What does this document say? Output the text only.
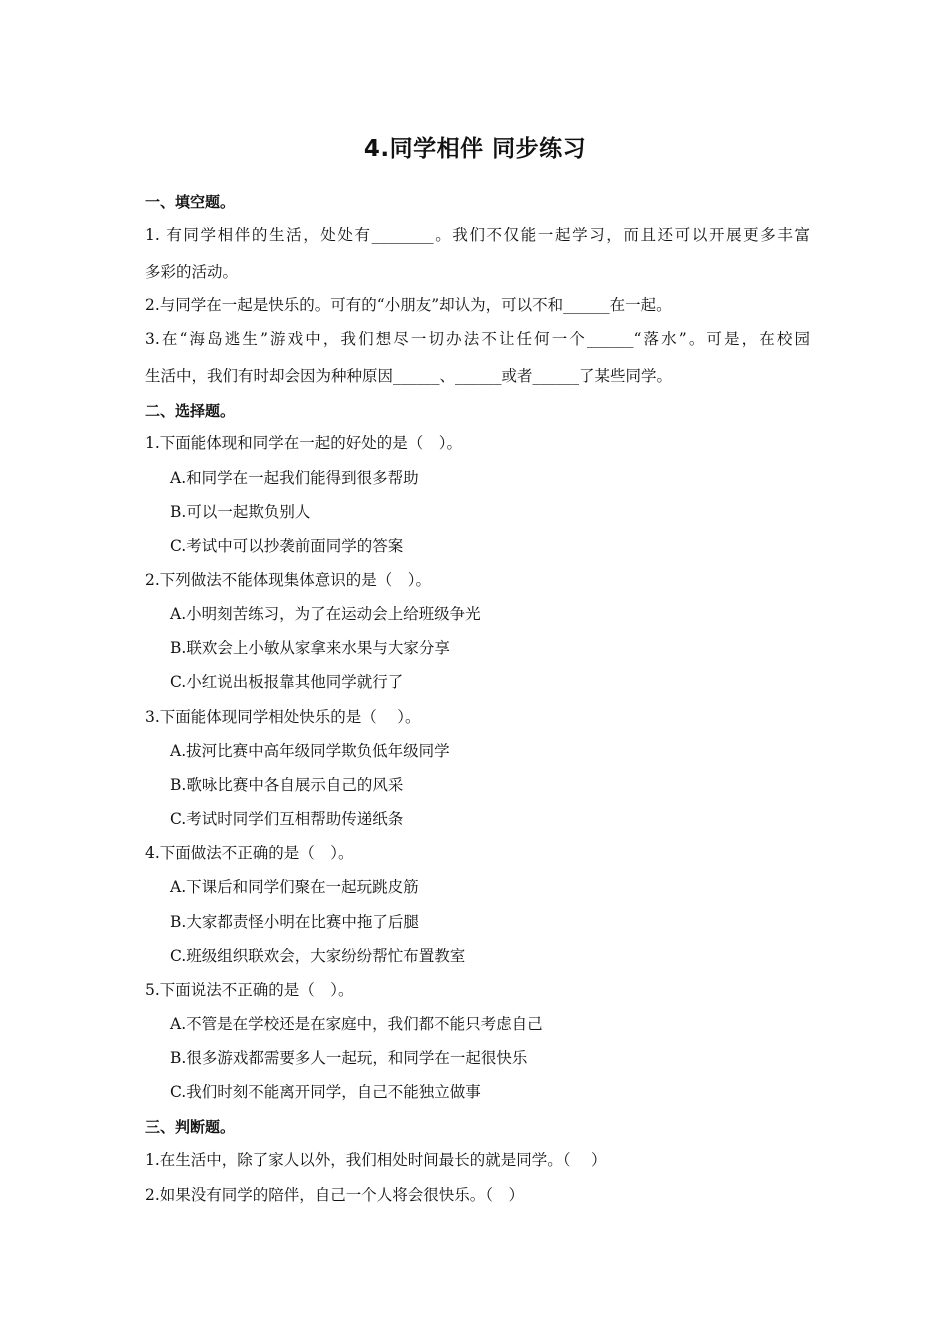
4.同学相伴 同步练习
一、填空题。
1. 有同学相伴的生活，处处有________。我们不仅能一起学习，而且还可以开展更多丰富
多彩的活动。
2.与同学在一起是快乐的。可有的“小朋友”却认为，可以不和______在一起。
3.在“海岛逃生”游戏中，我们想尽一切办法不让任何一个______“落水”。可是，在校园
生活中，我们有时却会因为种种原因______、______或者______了某些同学。
二、选择题。
1.下面能体现和同学在一起的好处的是（　）。
A.和同学在一起我们能得到很多帮助
B.可以一起欺负别人
C.考试中可以抄袭前面同学的答案
2.下列做法不能体现集体意识的是（　）。
A.小明刻苦练习，为了在运动会上给班级争光
B.联欢会上小敏从家拿来水果与大家分享
C.小红说出板报靠其他同学就行了
3.下面能体现同学相处快乐的是（　 ）。
A.拔河比赛中高年级同学欺负低年级同学
B.歌咏比赛中各自展示自己的风采
C.考试时同学们互相帮助传递纸条
4.下面做法不正确的是（　）。
A.下课后和同学们聚在一起玩跳皮筋
B.大家都责怪小明在比赛中拖了后腿
C.班级组织联欢会，大家纷纷帮忙布置教室
5.下面说法不正确的是（　）。
A.不管是在学校还是在家庭中，我们都不能只考虑自己
B.很多游戏都需要多人一起玩，和同学在一起很快乐
C.我们时刻不能离开同学，自己不能独立做事
三、判断题。
1.在生活中，除了家人以外，我们相处时间最长的就是同学。（　 ）
2.如果没有同学的陪伴，自己一个人将会很快乐。（　）
